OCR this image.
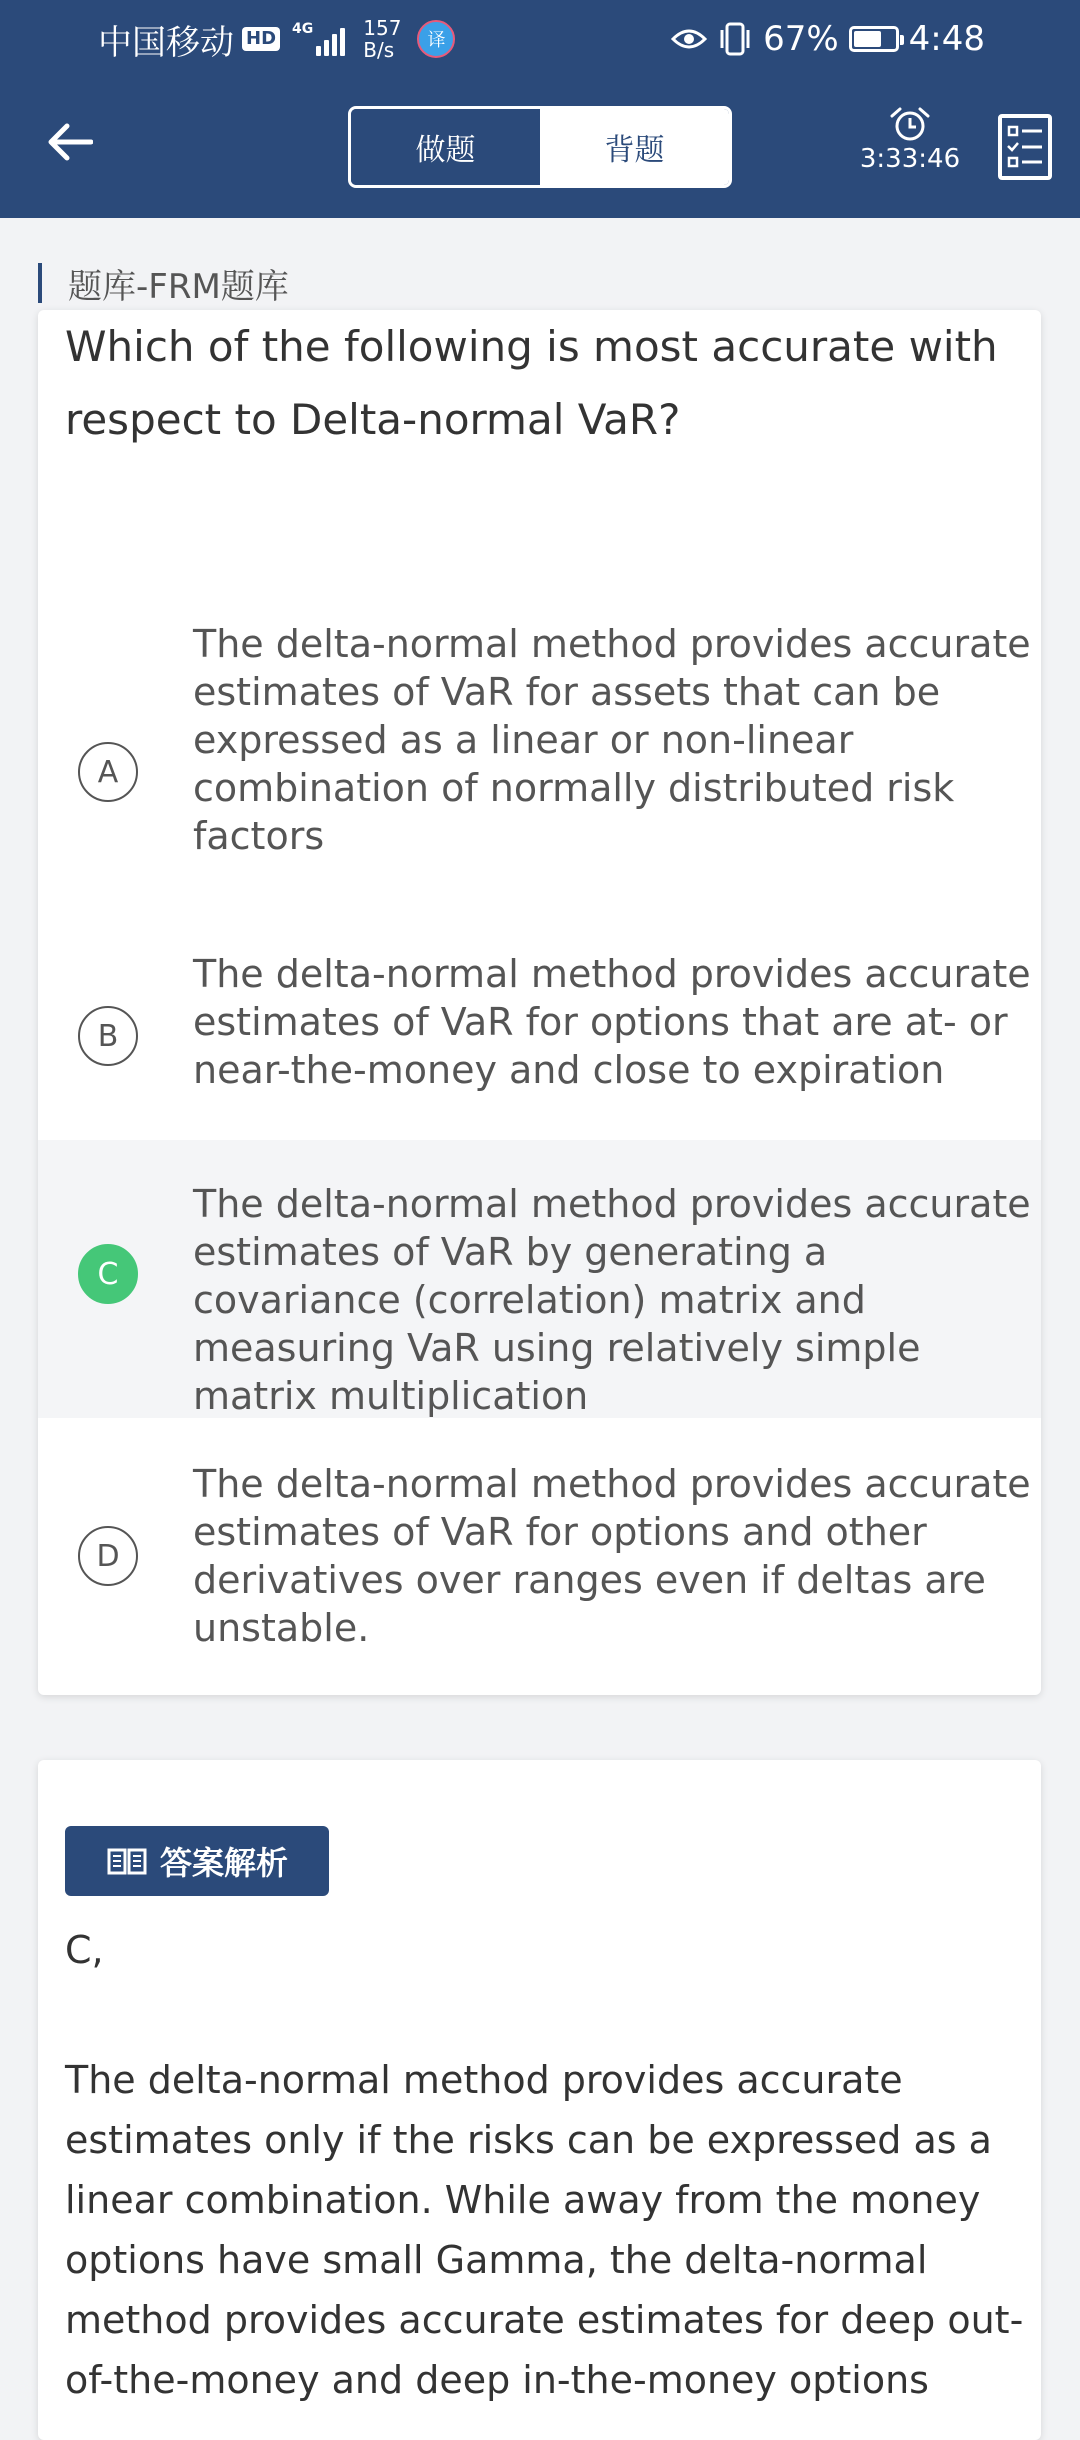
中国移动 HD 4G	157
B/s	译	67% 4:48
做题	背题	3:33:46
题库-FRM题库
Which of the following is most accurate with respect to Delta-normal VaR?
A
The delta-normal method provides accurate estimates of VaR for assets that can be expressed as a linear or non-linear combination of normally distributed risk factors
B
The delta-normal method provides accurate estimates of VaR for options that are at- or near-the-money and close to expiration
C
The delta-normal method provides accurate estimates of VaR by generating a covariance (correlation) matrix and measuring VaR using relatively simple matrix multiplication
D
The delta-normal method provides accurate estimates of VaR for options and other derivatives over ranges even if deltas are unstable.
答案解析
C,
The delta-normal method provides accurate estimates only if the risks can be expressed as a linear combination. While away from the money options have small Gamma, the delta-normal method provides accurate estimates for deep out-of-the-money and deep in-the-money options
